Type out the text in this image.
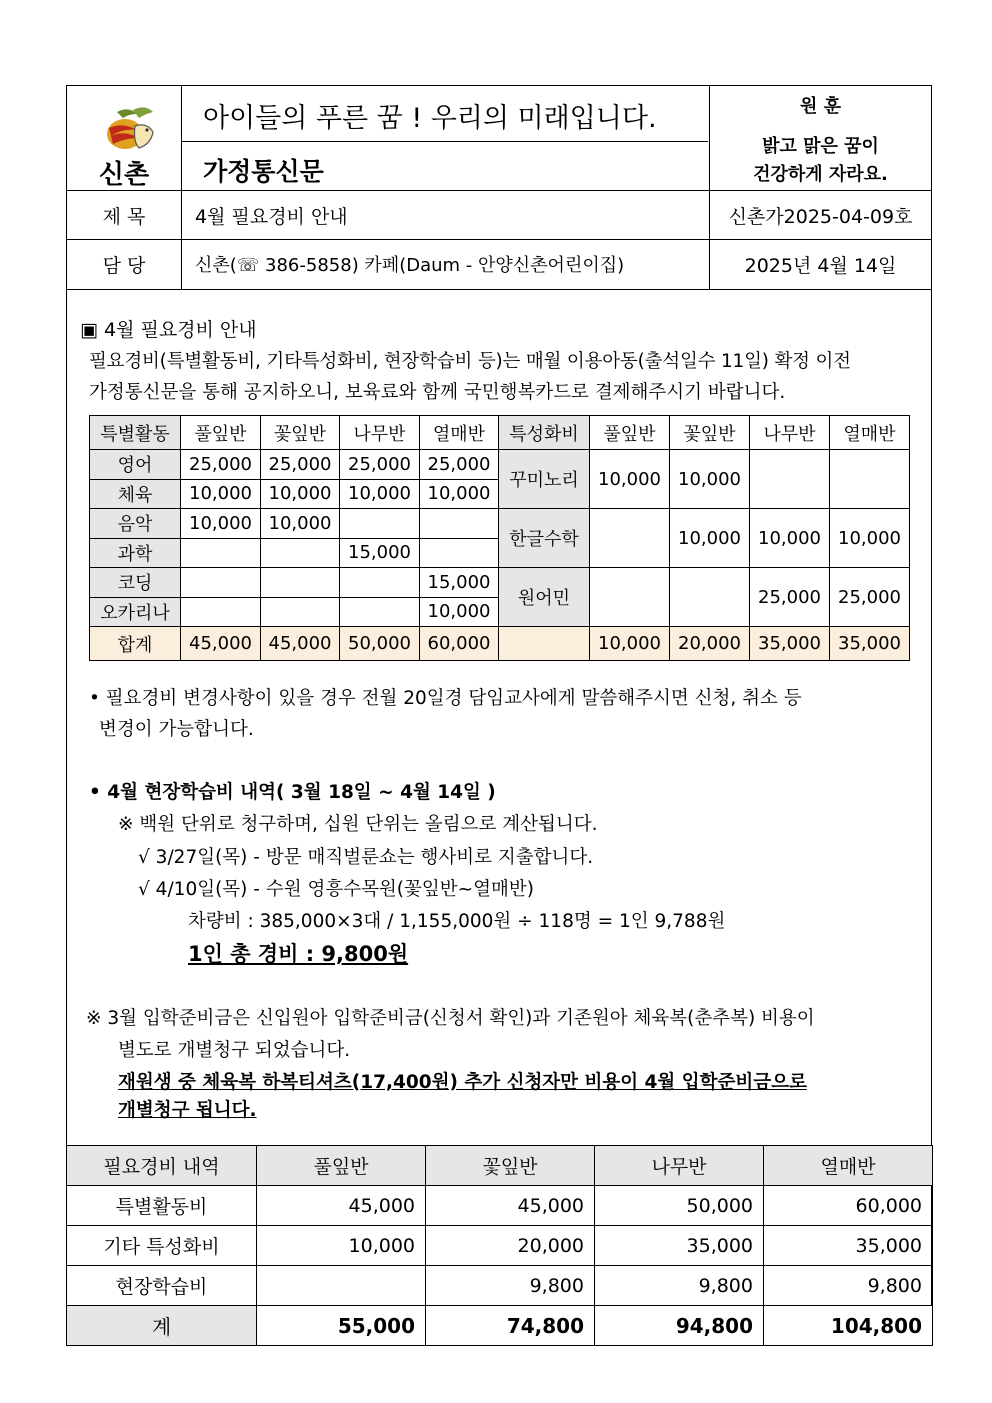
신촌
아이들의 푸른 꿈 ! 우리의 미래입니다.
가정통신문
원 훈
밝고 맑은 꿈이
건강하게 자라요.
제 목	4월 필요경비 안내	신촌가2025-04-09호
담 당	신촌(☏ 386-5858) 카페(Daum - 안양신촌어린이집)	2025년 4월 14일
▣ 4월 필요경비 안내
필요경비(특별활동비, 기타특성화비, 현장학습비 등)는 매월 이용아동(출석일수 11일) 확정 이전
가정통신문을 통해 공지하오니, 보육료와 함께 국민행복카드로 결제해주시기 바랍니다.
특별활동	풀잎반	꽃잎반	나무반	열매반	특성화비	풀잎반	꽃잎반	나무반	열매반
영어	25,000	25,000	25,000	25,000	꾸미노리	10,000	10,000		
체육	10,000	10,000	10,000	10,000					
음악	10,000	10,000			한글수학		10,000	10,000	10,000
과학			15,000						
코딩				15,000	원어민			25,000	25,000
오카리나				10,000					
합계	45,000	45,000	50,000	60,000		10,000	20,000	35,000	35,000
• 필요경비 변경사항이 있을 경우 전월 20일경 담임교사에게 말씀해주시면 신청, 취소 등
변경이 가능합니다.
• 4월 현장학습비 내역( 3월 18일 ~ 4월 14일 )
※ 백원 단위로 청구하며, 십원 단위는 올림으로 계산됩니다.
√ 3/27일(목) - 방문 매직벌룬쇼는 행사비로 지출합니다.
√ 4/10일(목) - 수원 영흥수목원(꽃잎반~열매반)
차량비 : 385,000×3대 / 1,155,000원 ÷ 118명 = 1인 9,788원
1인 총 경비 : 9,800원
※ 3월 입학준비금은 신입원아 입학준비금(신청서 확인)과 기존원아 체육복(춘추복) 비용이
별도로 개별청구 되었습니다.
재원생 중 체육복 하복티셔츠(17,400원) 추가 신청자만 비용이 4월 입학준비금으로
개별청구 됩니다.
필요경비 내역	풀잎반	꽃잎반	나무반	열매반
특별활동비	45,000	45,000	50,000	60,000
기타 특성화비	10,000	20,000	35,000	35,000
현장학습비		9,800	9,800	9,800
계	55,000	74,800	94,800	104,800
